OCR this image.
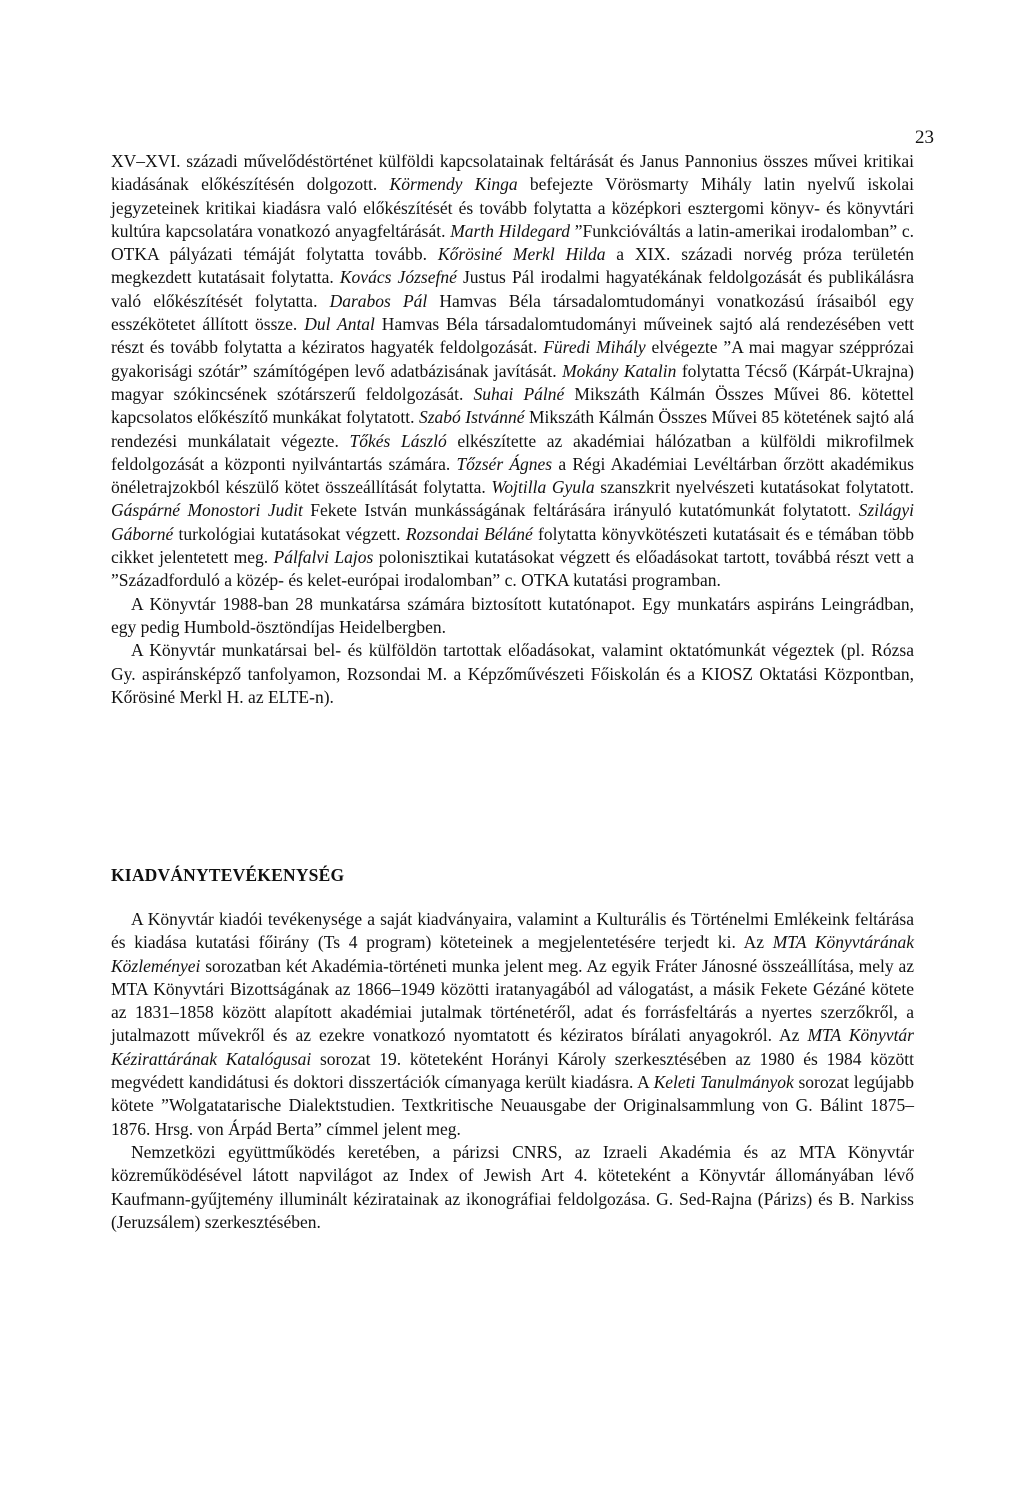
23

XV–XVI. századi művelődéstörténet külföldi kapcsolatainak feltárását és Janus Pannonius összes művei kritikai kiadásának előkészítésén dolgozott. Körmendy Kinga befejezte Vörösmarty Mihály latin nyelvű iskolai jegyzeteinek kritikai kiadásra való előkészítését és tovább folytatta a középkori esztergomi könyv- és könyvtári kultúra kapcsolatára vonatkozó anyagfeltárását. Marth Hildegard ”Funkcióváltás a latin-amerikai irodalomban” c. OTKA pályázati témáját folytatta tovább. Kőrösiné Merkl Hilda a XIX. századi norvég próza területén megkezdett kutatásait folytatta. Kovács Józsefné Justus Pál irodalmi hagyatékának feldolgozását és publikálásra való előkészítését folytatta. Darabos Pál Hamvas Béla társadalomtudományi vonatkozású írásaiból egy esszékötetet állított össze. Dul Antal Hamvas Béla társadalomtudományi műveinek sajtó alá rendezésében vett részt és tovább folytatta a kéziratos hagyaték feldolgozását. Füredi Mihály elvégezte ”A mai magyar szépprózai gyakorisági szótár” számítógépen levő adatbázisának javítását. Mokány Katalin folytatta Técső (Kárpát-Ukrajna) magyar szókincsének szótárszerű feldolgozását. Suhai Pálné Mikszáth Kálmán Összes Művei 86. kötettel kapcsolatos előkészítő munkákat folytatott. Szabó Istvánné Mikszáth Kálmán Összes Művei 85 kötetének sajtó alá rendezési munkálatait végezte. Tőkés László elkészítette az akadémiai hálózatban a külföldi mikrofilmek feldolgozását a központi nyilvántartás számára. Tőzsér Ágnes a Régi Akadémiai Levéltárban őrzött akadémikus önéletrajzokból készülő kötet összeállítását folytatta. Wojtilla Gyula szanszkrit nyelvészeti kutatásokat folytatott. Gáspárné Monostori Judit Fekete István munkásságának feltárására irányuló kutatómunkát folytatott. Szilágyi Gáborné turkológiai kutatásokat végzett. Rozsondai Béláné folytatta könyvkötészeti kutatásait és e témában több cikket jelentetett meg. Pálfalvi Lajos polonisztikai kutatásokat végzett és előadásokat tartott, továbbá részt vett a ”Századforduló a közép- és kelet-európai irodalomban” c. OTKA kutatási programban.

A Könyvtár 1988-ban 28 munkatársa számára biztosított kutatónapot. Egy munkatárs aspiráns Leingrádban, egy pedig Humbold-ösztöndíjas Heidelbergben.

A Könyvtár munkatársai bel- és külföldön tartottak előadásokat, valamint oktatómunkát végeztek (pl. Rózsa Gy. aspiránsképző tanfolyamon, Rozsondai M. a Képzőművészeti Főiskolán és a KIOSZ Oktatási Központban, Kőrösiné Merkl H. az ELTE-n).

KIADVÁNYTEVÉKENYSÉG

A Könyvtár kiadói tevékenysége a saját kiadványaira, valamint a Kulturális és Történelmi Emlékeink feltárása és kiadása kutatási főirány (Ts 4 program) köteteinek a megjelentetésére terjedt ki. Az MTA Könyvtárának Közleményei sorozatban két Akadémia-történeti munka jelent meg. Az egyik Fráter Jánosné összeállítása, mely az MTA Könyvtári Bizottságának az 1866–1949 közötti iratanyagából ad válogatást, a másik Fekete Gézáné kötete az 1831–1858 között alapított akadémiai jutalmak történetéről, adat és forrásfeltárás a nyertes szerzőkről, a jutalmazott művekről és az ezekre vonatkozó nyomtatott és kéziratos bírálati anyagokról. Az MTA Könyvtár Kézirattárának Katalógusai sorozat 19. köteteként Horányi Károly szerkesztésében az 1980 és 1984 között megvédett kandidátusi és doktori disszertációk címanyaga került kiadásra. A Keleti Tanulmányok sorozat legújabb kötete ”Wolgatatarische Dialektstudien. Textkritische Neuausgabe der Originalsammlung von G. Bálint 1875–1876. Hrsg. von Árpád Berta” címmel jelent meg.

Nemzetközi együttműködés keretében, a párizsi CNRS, az Izraeli Akadémia és az MTA Könyvtár közreműködésével látott napvilágot az Index of Jewish Art 4. köteteként a Könyvtár állományában lévő Kaufmann-gyűjtemény illuminált kéziratainak az ikonográfiai feldolgozása. G. Sed-Rajna (Párizs) és B. Narkiss (Jeruzsálem) szerkesztésében.
